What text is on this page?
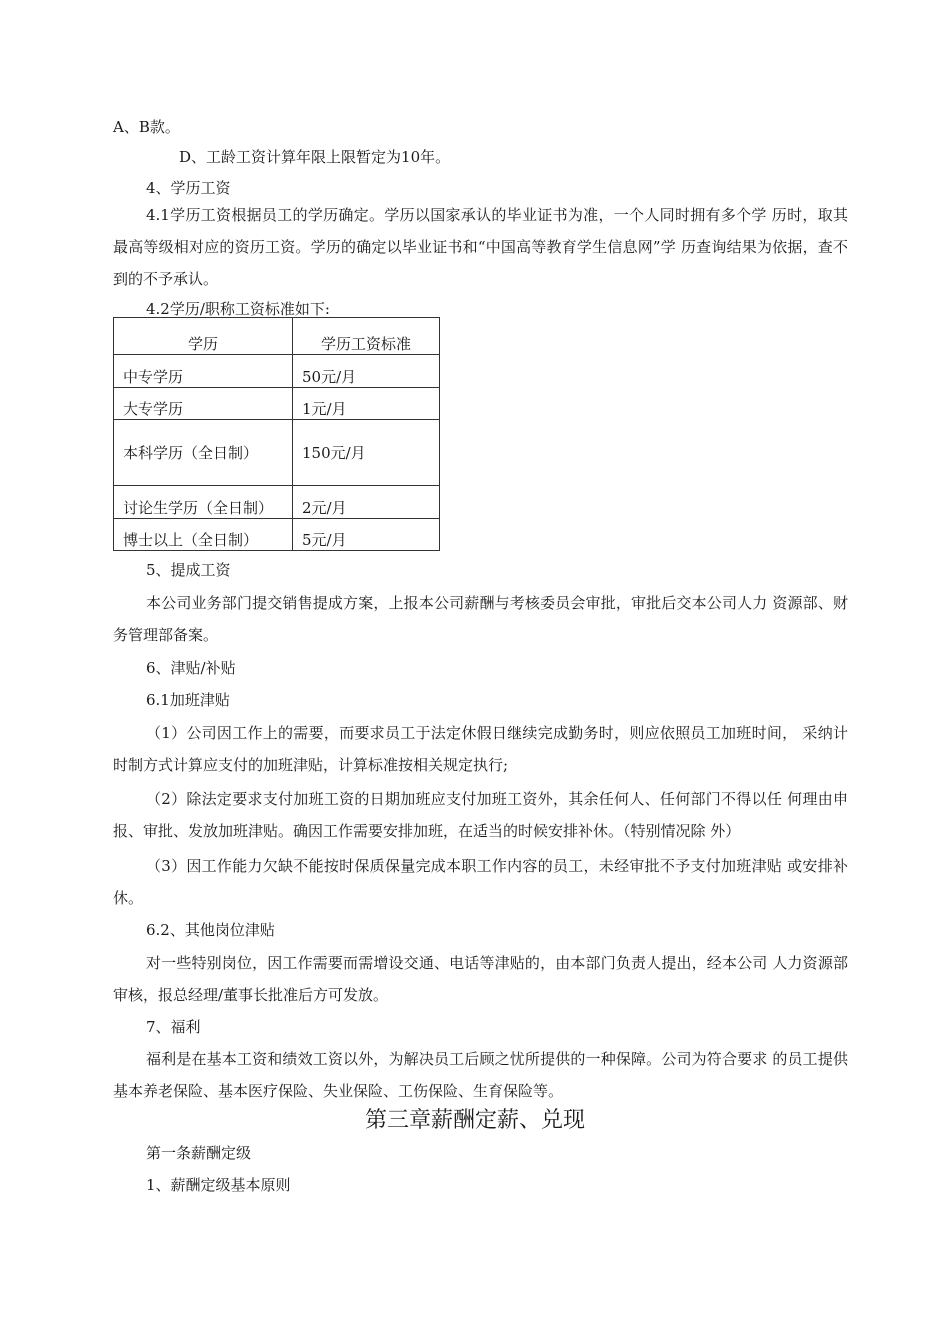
A、B款。
D、工龄工资计算年限上限暂定为10年。
4、学历工资
4.1学历工资根据员工的学历确定。学历以国家承认的毕业证书为准，一个人同时拥有多个学 历时，取其最高等级相对应的资历工资。学历的确定以毕业证书和“中国高等教育学生信息网”学 历查询结果为依据，查不到的不予承认。
4.2学历/职称工资标准如下:
学历	学历工资标准
中专学历	50元/月
大专学历	1元/月
本科学历（全日制）	150元/月
讨论生学历（全日制）	2元/月
博士以上（全日制）	5元/月
5、提成工资
本公司业务部门提交销售提成方案，上报本公司薪酬与考核委员会审批，审批后交本公司人力 资源部、财务管理部备案。
6、津贴/补贴
6.1加班津贴
（1）公司因工作上的需要，而要求员工于法定休假日继续完成勤务时，则应依照员工加班时间， 采纳计时制方式计算应支付的加班津贴，计算标准按相关规定执行;
（2）除法定要求支付加班工资的日期加班应支付加班工资外，其余任何人、任何部门不得以任 何理由申报、审批、发放加班津贴。确因工作需要安排加班，在适当的时候安排补休。（特别情况除 外）
（3）因工作能力欠缺不能按时保质保量完成本职工作内容的员工，未经审批不予支付加班津贴 或安排补休。
6.2、其他岗位津贴
对一些特别岗位，因工作需要而需增设交通、电话等津贴的，由本部门负责人提出，经本公司 人力资源部审核，报总经理/董事长批准后方可发放。
7、福利
福利是在基本工资和绩效工资以外，为解决员工后顾之忧所提供的一种保障。公司为符合要求 的员工提供基本养老保险、基本医疗保险、失业保险、工伤保险、生育保险等。
第三章薪酬定薪、兑现
第一条薪酬定级
1、薪酬定级基本原则
